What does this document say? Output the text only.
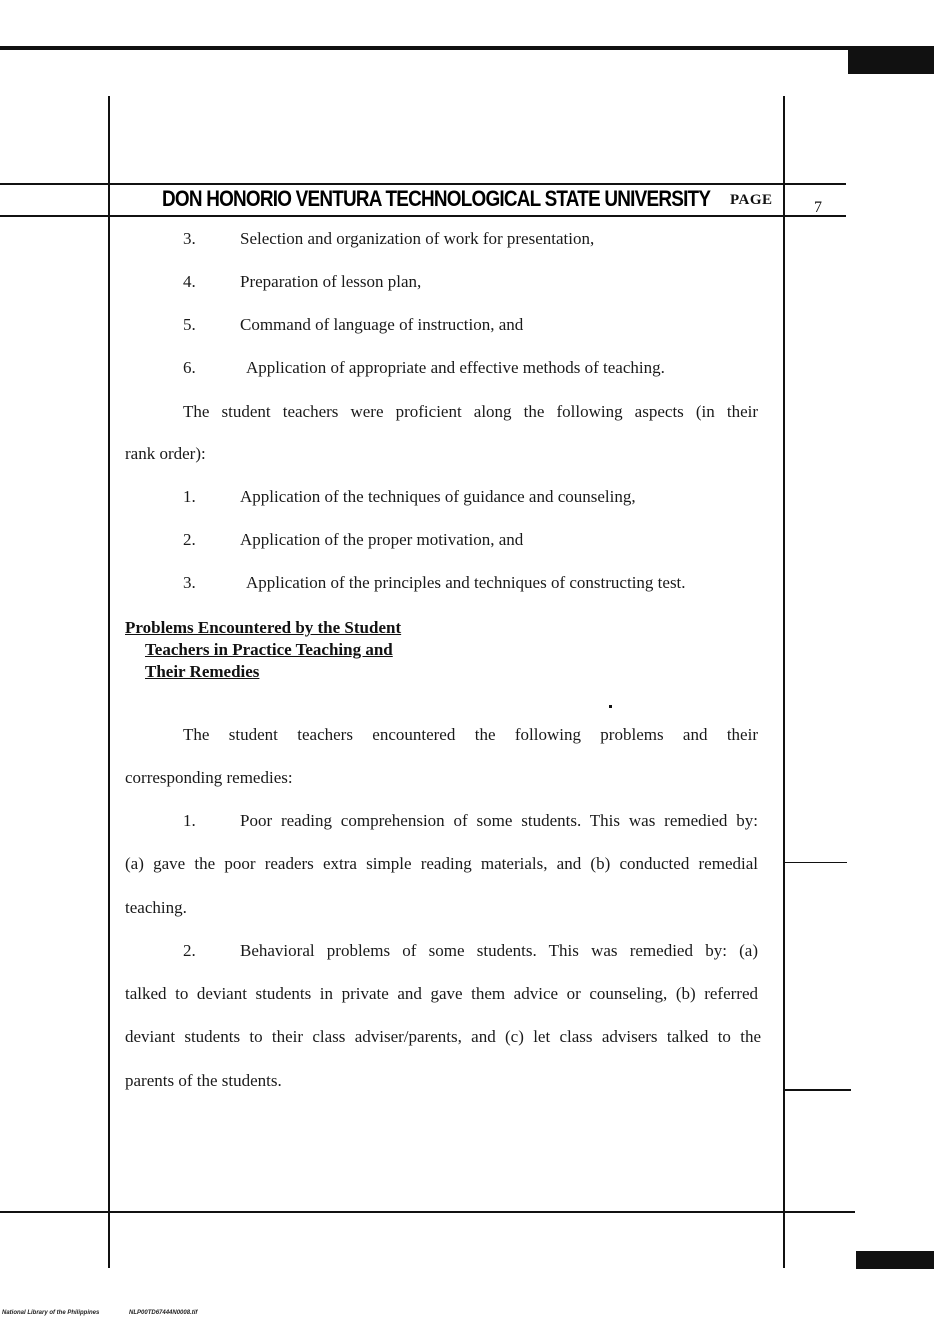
DON HONORIO VENTURA TECHNOLOGICAL STATE UNIVERSITY PAGE	7
3.	Selection and organization of work for presentation,
4.	Preparation of lesson plan,
5.	Command of language of instruction, and
6.	Application of appropriate and effective methods of teaching.
The student teachers were proficient along the following aspects (in their
rank order):
1.	Application of the techniques of guidance and counseling,
2.	Application of the proper motivation, and
3.	Application of the principles and techniques of constructing test.
Problems Encountered by the Student
Teachers in Practice Teaching and
Their Remedies
The student teachers encountered the following problems and their
corresponding remedies:
1.	Poor reading comprehension of some students. This was remedied by:
(a) gave the poor readers extra simple reading materials, and (b) conducted remedial
teaching.
2.	Behavioral problems of some students. This was remedied by: (a)
talked to deviant students in private and gave them advice or counseling, (b) referred
deviant students to their class adviser/parents, and (c) let class advisers talked to the
parents of the students.
National Library of the Philippines	NLP00TD67444N0008.tif
